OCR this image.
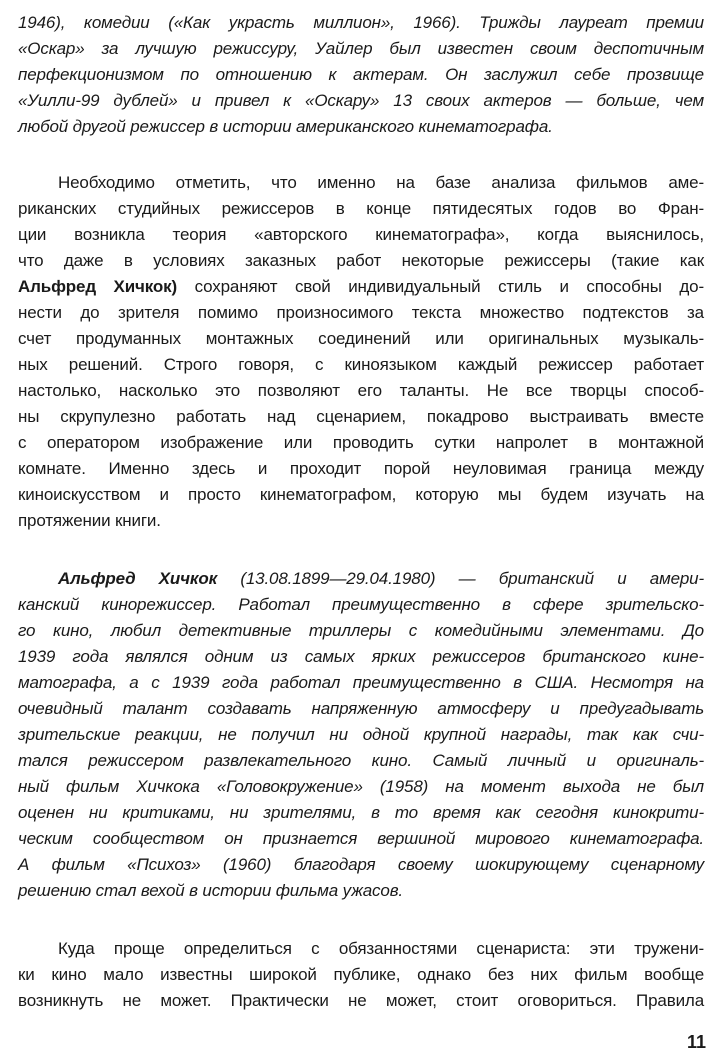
1946), комедии («Как украсть миллион», 1966). Трижды лауреат премии
«Оскар» за лучшую режиссуру, Уайлер был известен своим деспотичным
перфекционизмом по отношению к актерам. Он заслужил себе прозвище
«Уилли-99 дублей» и привел к «Оскару» 13 своих актеров — больше, чем
любой другой режиссер в истории американского кинематографа.
Необходимо отметить, что именно на базе анализа фильмов аме-
риканских студийных режиссеров в конце пятидесятых годов во Фран-
ции возникла теория «авторского кинематографа», когда выяснилось,
что даже в условиях заказных работ некоторые режиссеры (такие как
Альфред Хичкок) сохраняют свой индивидуальный стиль и способны до-
нести до зрителя помимо произносимого текста множество подтекстов за
счет продуманных монтажных соединений или оригинальных музыкаль-
ных решений. Строго говоря, с киноязыком каждый режиссер работает
настолько, насколько это позволяют его таланты. Не все творцы способ-
ны скрупулезно работать над сценарием, покадрово выстраивать вместе
с оператором изображение или проводить сутки напролет в монтажной
комнате. Именно здесь и проходит порой неуловимая граница между
киноискусством и просто кинематографом, которую мы будем изучать на
протяжении книги.
Альфред Хичкок (13.08.1899—29.04.1980) — британский и амери-
канский кинорежиссер. Работал преимущественно в сфере зрительско-
го кино, любил детективные триллеры с комедийными элементами. До
1939 года являлся одним из самых ярких режиссеров британского кине-
матографа, а с 1939 года работал преимущественно в США. Несмотря на
очевидный талант создавать напряженную атмосферу и предугадывать
зрительские реакции, не получил ни одной крупной награды, так как счи-
тался режиссером развлекательного кино. Самый личный и оригиналь-
ный фильм Хичкока «Головокружение» (1958) на момент выхода не был
оценен ни критиками, ни зрителями, в то время как сегодня кинокрити-
ческим сообществом он признается вершиной мирового кинематографа.
А фильм «Психоз» (1960) благодаря своему шокирующему сценарному
решению стал вехой в истории фильма ужасов.
Куда проще определиться с обязанностями сценариста: эти тружени-
ки кино мало известны широкой публике, однако без них фильм вообще
возникнуть не может. Практически не может, стоит оговориться. Правила
11
